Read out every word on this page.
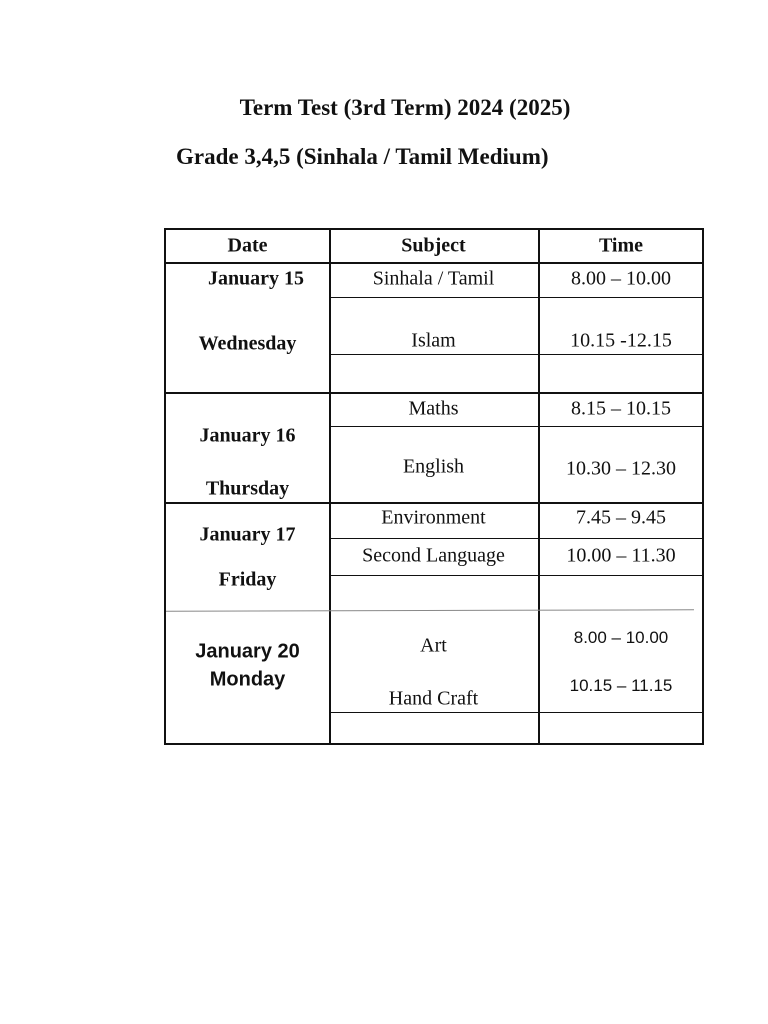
Term Test (3rd Term) 2024 (2025)
Grade 3,4,5 (Sinhala / Tamil Medium)
Date	Subject	Time
January 15
Wednesday
Sinhala / Tamil
Islam
8.00 – 10.00
10.15 -12.15
January 16
Thursday
Maths
English
8.15 – 10.15
10.30 – 12.30
January 17
Friday
Environment
Second Language
7.45 – 9.45
10.00 – 11.30
January 20
Monday
Art
Hand Craft
8.00 – 10.00
10.15 – 11.15
